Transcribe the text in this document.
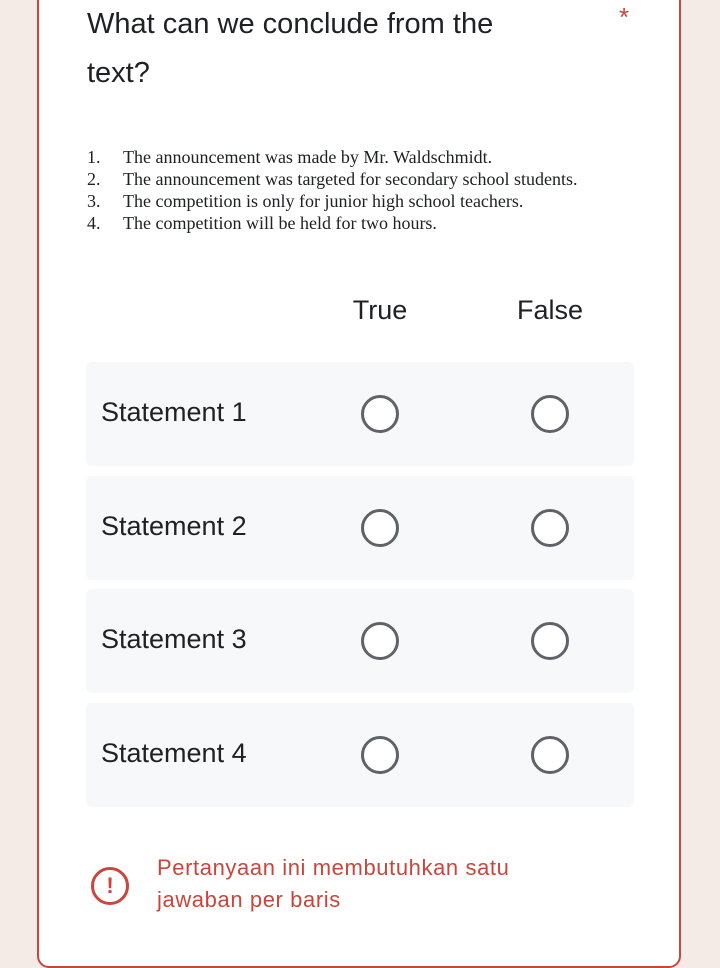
What can we conclude from the text?
*
1. The announcement was made by Mr. Waldschmidt.
2. The announcement was targeted for secondary school students.
3. The competition is only for junior high school teachers.
4. The competition will be held for two hours.
True	False
Statement 1
Statement 2
Statement 3
Statement 4
!
Pertanyaan ini membutuhkan satu jawaban per baris
